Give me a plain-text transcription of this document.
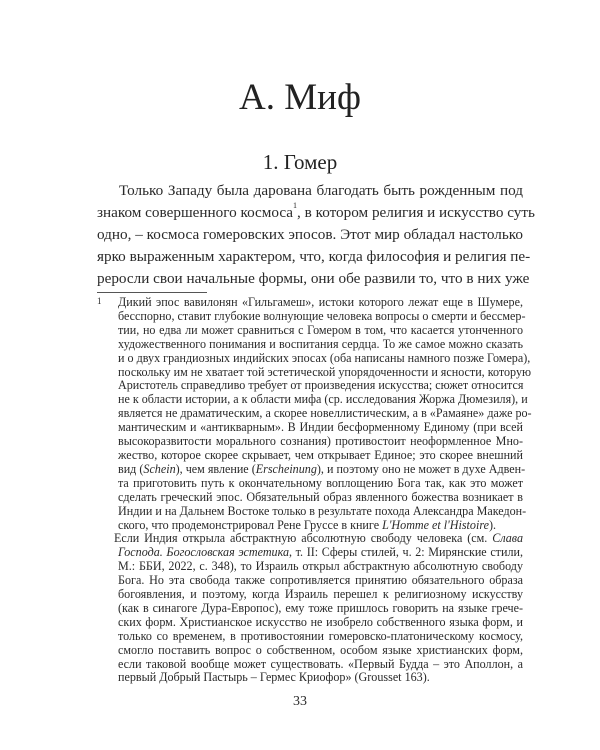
А. Миф
1. Гомер
Только Западу была дарована благодать быть рожденным под
знаком совершенного космоса$^1$, в котором религия и искусство суть
одно, – космоса гомеровских эпосов. Этот мир обладал настолько
ярко выраженным характером, что, когда философия и религия пе-
реросли свои начальные формы, они обе развили то, что в них уже
1 Дикий эпос вавилонян «Гильгамеш», истоки которого лежат еще в Шумере,
бесспорно, ставит глубокие волнующие человека вопросы о смерти и бессмер-
тии, но едва ли может сравниться с Гомером в том, что касается утонченного
художественного понимания и воспитания сердца. То же самое можно сказать
и о двух грандиозных индийских эпосах (оба написаны намного позже Гомера),
поскольку им не хватает той эстетической упорядоченности и ясности, которую
Аристотель справедливо требует от произведения искусства; сюжет относится
не к области истории, а к области мифа (ср. исследования Жоржа Дюмезиля), и
является не драматическим, а скорее новеллистическим, а в «Рамаяне» даже ро-
мантическим и «антикварным». В Индии бесформенному Единому (при всей
высокоразвитости морального сознания) противостоит неоформленное Мно-
жество, которое скорее скрывает, чем открывает Единое; это скорее внешний
вид (Schein), чем явление (Erscheinung), и поэтому оно не может в духе Адвен-
та приготовить путь к окончательному воплощению Бога так, как это может
сделать греческий эпос. Обязательный образ явленного божества возникает в
Индии и на Дальнем Востоке только в результате похода Александра Македон-
ского, что продемонстрировал Рене Груссе в книге L'Homme et l'Histoire).
Если Индия открыла абстрактную абсолютную свободу человека (см. Слава
Господа. Богословская эстетика, т. II: Сферы стилей, ч. 2: Мирянские стили,
М.: ББИ, 2022, с. 348), то Израиль открыл абстрактную абсолютную свободу
Бога. Но эта свобода также сопротивляется принятию обязательного образа
богоявления, и поэтому, когда Израиль перешел к религиозному искусству
(как в синагоге Дура-Европос), ему тоже пришлось говорить на языке грече-
ских форм. Христианское искусство не изобрело собственного языка форм, и
только со временем, в противостоянии гомеровско-платоническому космосу,
смогло поставить вопрос о собственном, особом языке христианских форм,
если таковой вообще может существовать. «Первый Будда – это Аполлон, а
первый Добрый Пастырь – Гермес Криофор» (Grousset 163).
33
